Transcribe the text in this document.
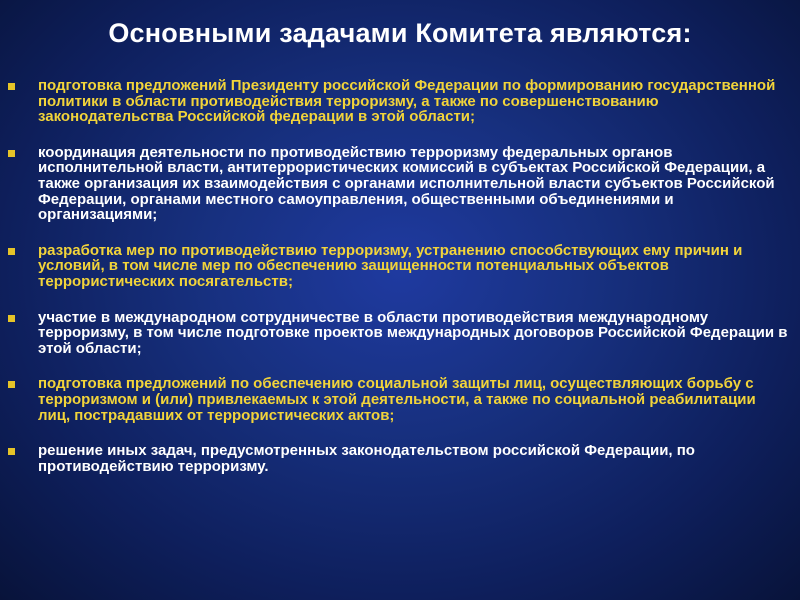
Основными задачами Комитета являются:
подготовка предложений Президенту российской Федерации по формированию государственной политики в области противодействия терроризму, а также по совершенствованию законодательства Российской федерации в этой области;
координация деятельности по противодействию терроризму федеральных органов исполнительной власти, антитеррористических комиссий в субъектах Российской Федерации, а также организация их взаимодействия с органами исполнительной власти субъектов Российской Федерации, органами местного самоуправления, общественными объединениями и организациями;
разработка мер по противодействию терроризму, устранению способствующих ему причин и условий, в том числе мер по обеспечению защищенности потенциальных объектов террористических посягательств;
участие в международном сотрудничестве в области противодействия международному терроризму, в том числе подготовке проектов международных договоров Российской Федерации в этой области;
подготовка предложений по обеспечению социальной защиты лиц, осуществляющих борьбу с терроризмом и (или) привлекаемых к этой деятельности, а также по социальной реабилитации лиц, пострадавших от террористических актов;
решение иных задач, предусмотренных законодательством российской Федерации, по противодействию терроризму.
